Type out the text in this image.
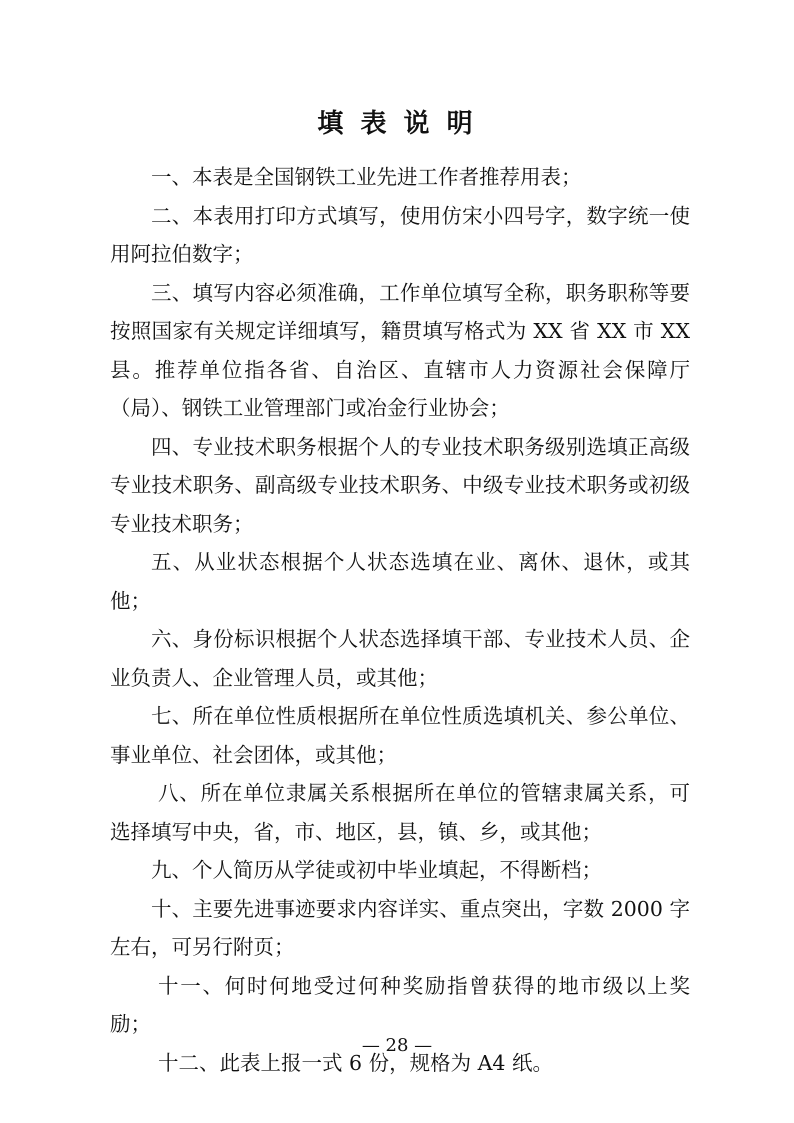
填 表 说 明

一、本表是全国钢铁工业先进工作者推荐用表；

二、本表用打印方式填写，使用仿宋小四号字，数字统一使用阿拉伯数字；

三、填写内容必须准确，工作单位填写全称，职务职称等要按照国家有关规定详细填写，籍贯填写格式为 XX 省 XX 市 XX 县。推荐单位指各省、自治区、直辖市人力资源社会保障厅（局）、钢铁工业管理部门或冶金行业协会；

四、专业技术职务根据个人的专业技术职务级别选填正高级专业技术职务、副高级专业技术职务、中级专业技术职务或初级专业技术职务；

五、从业状态根据个人状态选填在业、离休、退休，或其他；

六、身份标识根据个人状态选择填干部、专业技术人员、企业负责人、企业管理人员，或其他；

七、所在单位性质根据所在单位性质选填机关、参公单位、事业单位、社会团体，或其他；

八、所在单位隶属关系根据所在单位的管辖隶属关系，可选择填写中央，省，市、地区，县，镇、乡，或其他；

九、个人简历从学徒或初中毕业填起，不得断档；

十、主要先进事迹要求内容详实、重点突出，字数 2000 字左右，可另行附页；

十一、何时何地受过何种奖励指曾获得的地市级以上奖励；

十二、此表上报一式 6 份，规格为 A4 纸。

— 28 —
